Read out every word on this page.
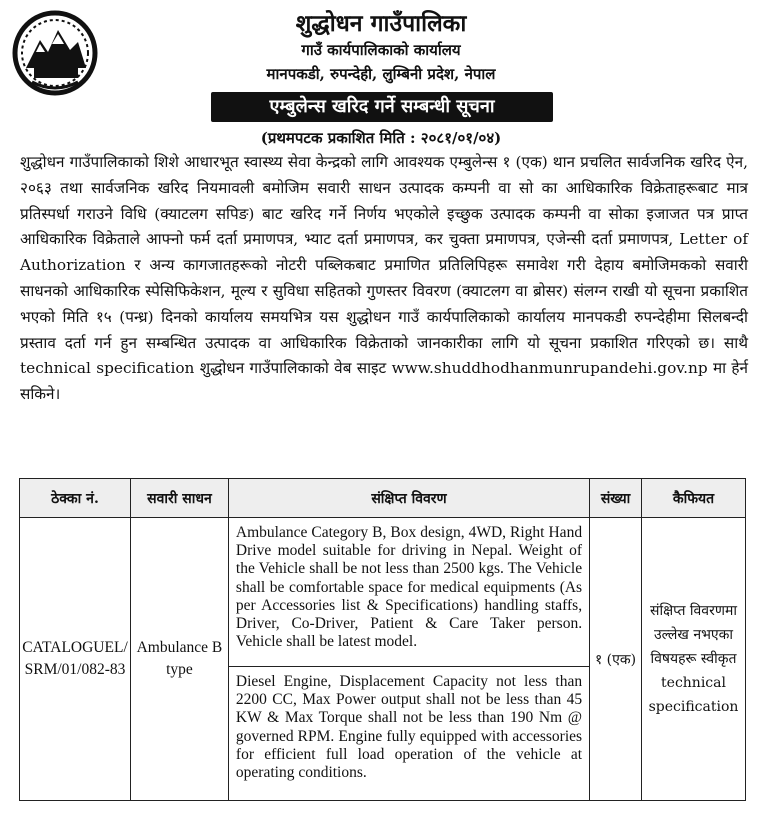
शुद्धोधन गाउँपालिका
गाउँ कार्यपालिकाको कार्यालय
मानपकडी, रुपन्देही, लुम्बिनी प्रदेश, नेपाल
एम्बुलेन्स खरिद गर्ने सम्बन्धी सूचना
(प्रथमपटक प्रकाशित मिति : २०८१/०१/०४)
शुद्धोधन गाउँपालिकाको शिशे आधारभूत स्वास्थ्य सेवा केन्द्रको लागि आवश्यक एम्बुलेन्स १ (एक) थान प्रचलित सार्वजनिक खरिद ऐन, २०६३ तथा सार्वजनिक खरिद नियमावली बमोजिम सवारी साधन उत्पादक कम्पनी वा सो का आधिकारिक विक्रेताहरूबाट मात्र प्रतिस्पर्धा गराउने विधि (क्याटलग सपिङ) बाट खरिद गर्ने निर्णय भएकोले इच्छुक उत्पादक कम्पनी वा सोका इजाजत पत्र प्राप्त आधिकारिक विक्रेताले आफ्नो फर्म दर्ता प्रमाणपत्र, भ्याट दर्ता प्रमाणपत्र, कर चुक्ता प्रमाणपत्र, एजेन्सी दर्ता प्रमाणपत्र, Letter of Authorization र अन्य कागजातहरूको नोटरी पब्लिकबाट प्रमाणित प्रतिलिपिहरू समावेश गरी देहाय बमोजिमकको सवारी साधनको आधिकारिक स्पेसिफिकेशन, मूल्य र सुविधा सहितको गुणस्तर विवरण (क्याटलग वा ब्रोसर) संलग्न राखी यो सूचना प्रकाशित भएको मिति १५ (पन्ध्र) दिनको कार्यालय समयभित्र यस शुद्धोधन गाउँ कार्यपालिकाको कार्यालय मानपकडी रुपन्देहीमा सिलबन्दी प्रस्ताव दर्ता गर्न हुन सम्बन्धित उत्पादक वा आधिकारिक विक्रेताको जानकारीका लागि यो सूचना प्रकाशित गरिएको छ। साथै technical specification शुद्धोधन गाउँपालिकाको वेब साइट www.shuddhodhanmunrupandehi.gov.np मा हेर्न सकिने।
ठेक्का नं.	सवारी साधन	संक्षिप्त विवरण	संख्या	कैफियत
CATALOGUEL/ SRM/01/082-83	Ambulance B type	Ambulance Category B, Box design, 4WD, Right Hand Drive model suitable for driving in Nepal. Weight of the Vehicle shall be not less than 2500 kgs. The Vehicle shall be comfortable space for medical equipments (As per Accessories list & Specifications) handling staffs, Driver, Co-Driver, Patient & Care Taker person. Vehicle shall be latest model.	१ (एक)	संक्षिप्त विवरणमा उल्लेख नभएका विषयहरू स्वीकृत technical specification
		Diesel Engine, Displacement Capacity not less than 2200 CC, Max Power output shall not be less than 45 KW & Max Torque shall not be less than 190 Nm @ governed RPM. Engine fully equipped with accessories for efficient full load operation of the vehicle at operating conditions.		
